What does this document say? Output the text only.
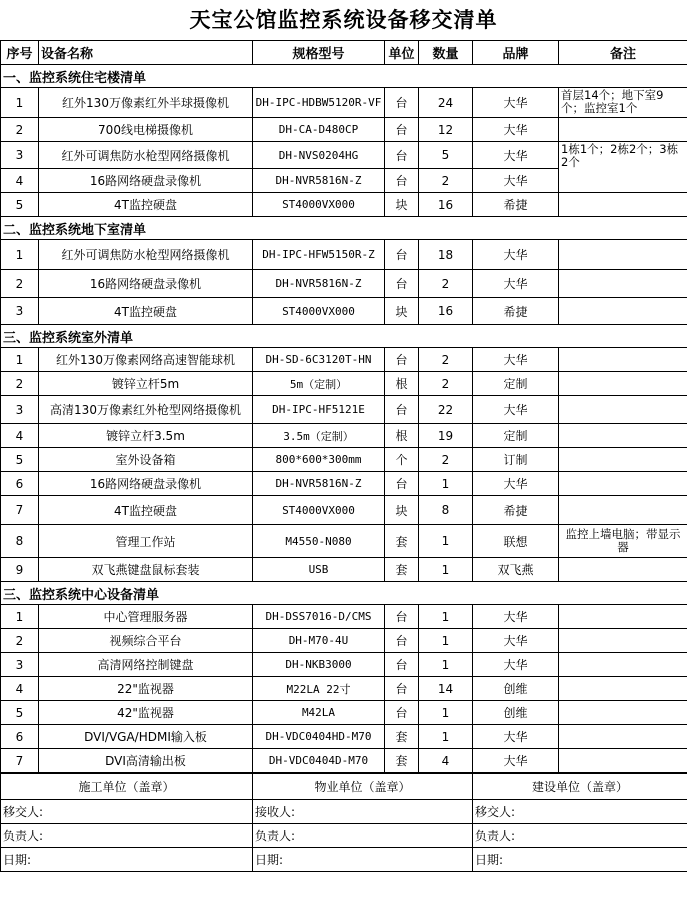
天宝公馆监控系统设备移交清单
序号	设备名称	规格型号	单位	数量	品牌	备注
一、监控系统住宅楼清单						
1	红外130万像素红外半球摄像机	DH-IPC-HDBW5120R-VF	台	24	大华	首层14个；地下室9个；监控室1个
2	700线电梯摄像机	DH-CA-D480CP	台	12	大华	
3	红外可调焦防水枪型网络摄像机	DH-NVS0204HG	台	5	大华	1栋1个；2栋2个；3栋2个
4	16路网络硬盘录像机	DH-NVR5816N-Z	台	2	大华	
5	4T监控硬盘	ST4000VX000	块	16	希捷	
二、监控系统地下室清单						
1	红外可调焦防水枪型网络摄像机	DH-IPC-HFW5150R-Z	台	18	大华	
2	16路网络硬盘录像机	DH-NVR5816N-Z	台	2	大华	
3	4T监控硬盘	ST4000VX000	块	16	希捷	
三、监控系统室外清单						
1	红外130万像素网络高速智能球机	DH-SD-6C3120T-HN	台	2	大华	
2	镀锌立杆5m	5m（定制）	根	2	定制	
3	高清130万像素红外枪型网络摄像机	DH-IPC-HF5121E	台	22	大华	
4	镀锌立杆3.5m	3.5m（定制）	根	19	定制	
5	室外设备箱	800*600*300mm	个	2	订制	
6	16路网络硬盘录像机	DH-NVR5816N-Z	台	1	大华	
7	4T监控硬盘	ST4000VX000	块	8	希捷	
8	管理工作站	M4550-N080	套	1	联想	监控上墙电脑；带显示器
9	双飞燕键盘鼠标套装	USB	套	1	双飞燕	
三、监控系统中心设备清单						
1	中心管理服务器	DH-DSS7016-D/CMS	台	1	大华	
2	视频综合平台	DH-M70-4U	台	1	大华	
3	高清网络控制键盘	DH-NKB3000	台	1	大华	
4	22"监视器	M22LA 22寸	台	14	创维	
5	42"监视器	M42LA	台	1	创维	
6	DVI/VGA/HDMI输入板	DH-VDC0404HD-M70	套	1	大华	
7	DVI高清输出板	DH-VDC0404D-M70	套	4	大华	
施工单位（盖章）	物业单位（盖章）	建设单位（盖章）
移交人:	接收人:	移交人:
负责人:	负责人:	负责人:
日期:	日期:	日期:
